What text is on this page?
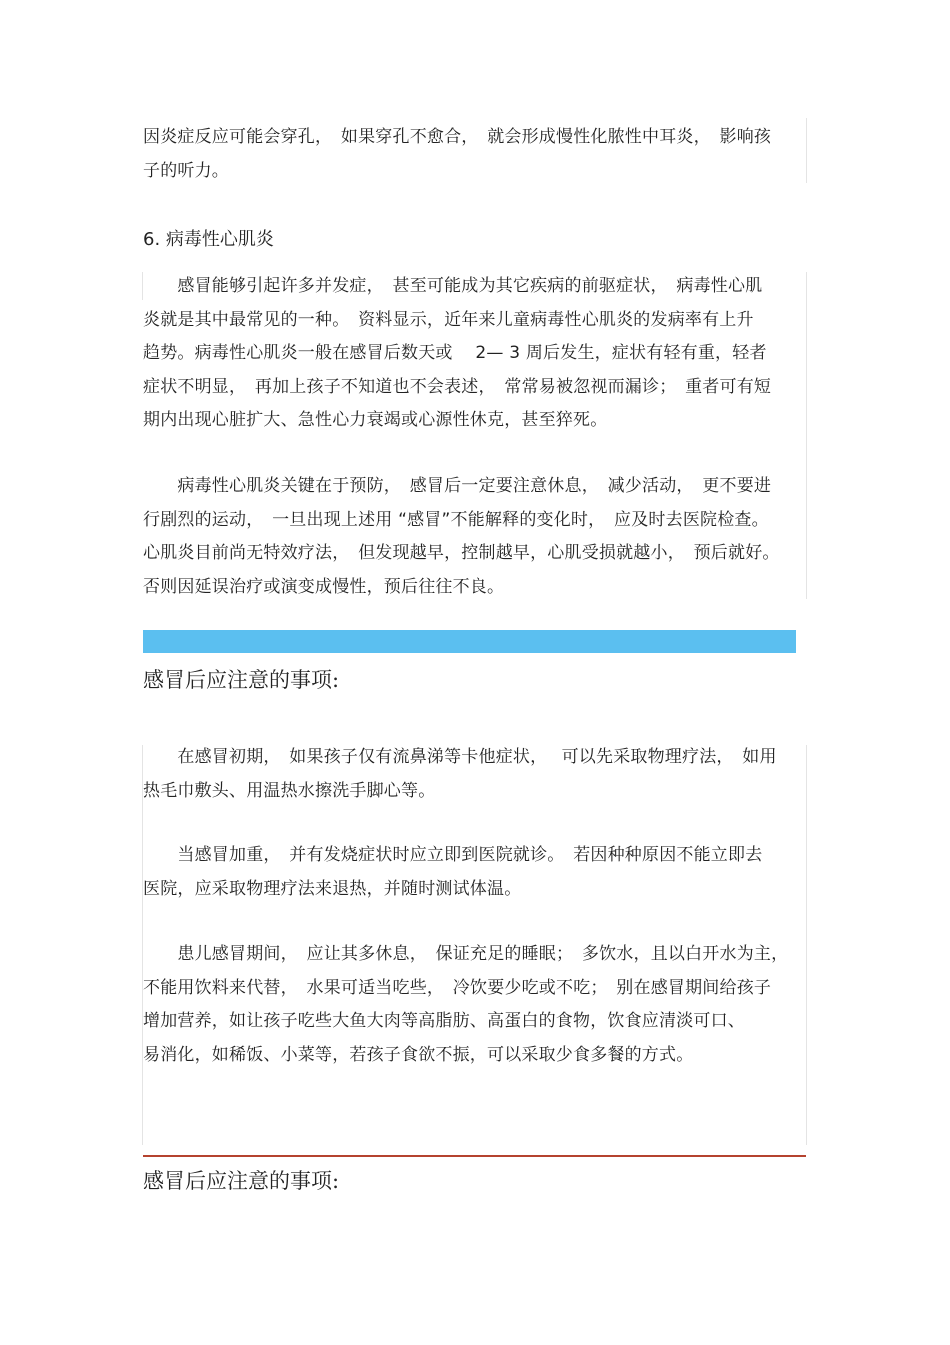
因炎症反应可能会穿孔，　如果穿孔不愈合，　就会形成慢性化脓性中耳炎，　影响孩
子的听力。
6. 病毒性心肌炎
　　感冒能够引起许多并发症，　甚至可能成为其它疾病的前驱症状，　病毒性心肌
炎就是其中最常见的一种。　资料显示，近年来儿童病毒性心肌炎的发病率有上升
趋势。病毒性心肌炎一般在感冒后数天或　 2— 3 周后发生，症状有轻有重，轻者
症状不明显，　再加上孩子不知道也不会表述，　常常易被忽视而漏诊；　重者可有短
期内出现心脏扩大、急性心力衰竭或心源性休克，甚至猝死。
　　病毒性心肌炎关键在于预防，　感冒后一定要注意休息，　减少活动，　更不要进
行剧烈的运动，　一旦出现上述用 “感冒”不能解释的变化时，　应及时去医院检查。
心肌炎目前尚无特效疗法，　但发现越早，控制越早，心肌受损就越小，　预后就好。
否则因延误治疗或演变成慢性，预后往往不良。
感冒后应注意的事项:
　　在感冒初期，　如果孩子仅有流鼻涕等卡他症状，　 可以先采取物理疗法，　如用
热毛巾敷头、用温热水擦洗手脚心等。
　　当感冒加重，　并有发烧症状时应立即到医院就诊。　若因种种原因不能立即去
医院，应采取物理疗法来退热，并随时测试体温。
　　患儿感冒期间，　应让其多休息，　保证充足的睡眠；　多饮水，且以白开水为主，
不能用饮料来代替，　水果可适当吃些，　冷饮要少吃或不吃；　别在感冒期间给孩子
增加营养，如让孩子吃些大鱼大肉等高脂肪、高蛋白的食物，饮食应清淡可口、
易消化，如稀饭、小菜等，若孩子食欲不振，可以采取少食多餐的方式。
感冒后应注意的事项:
